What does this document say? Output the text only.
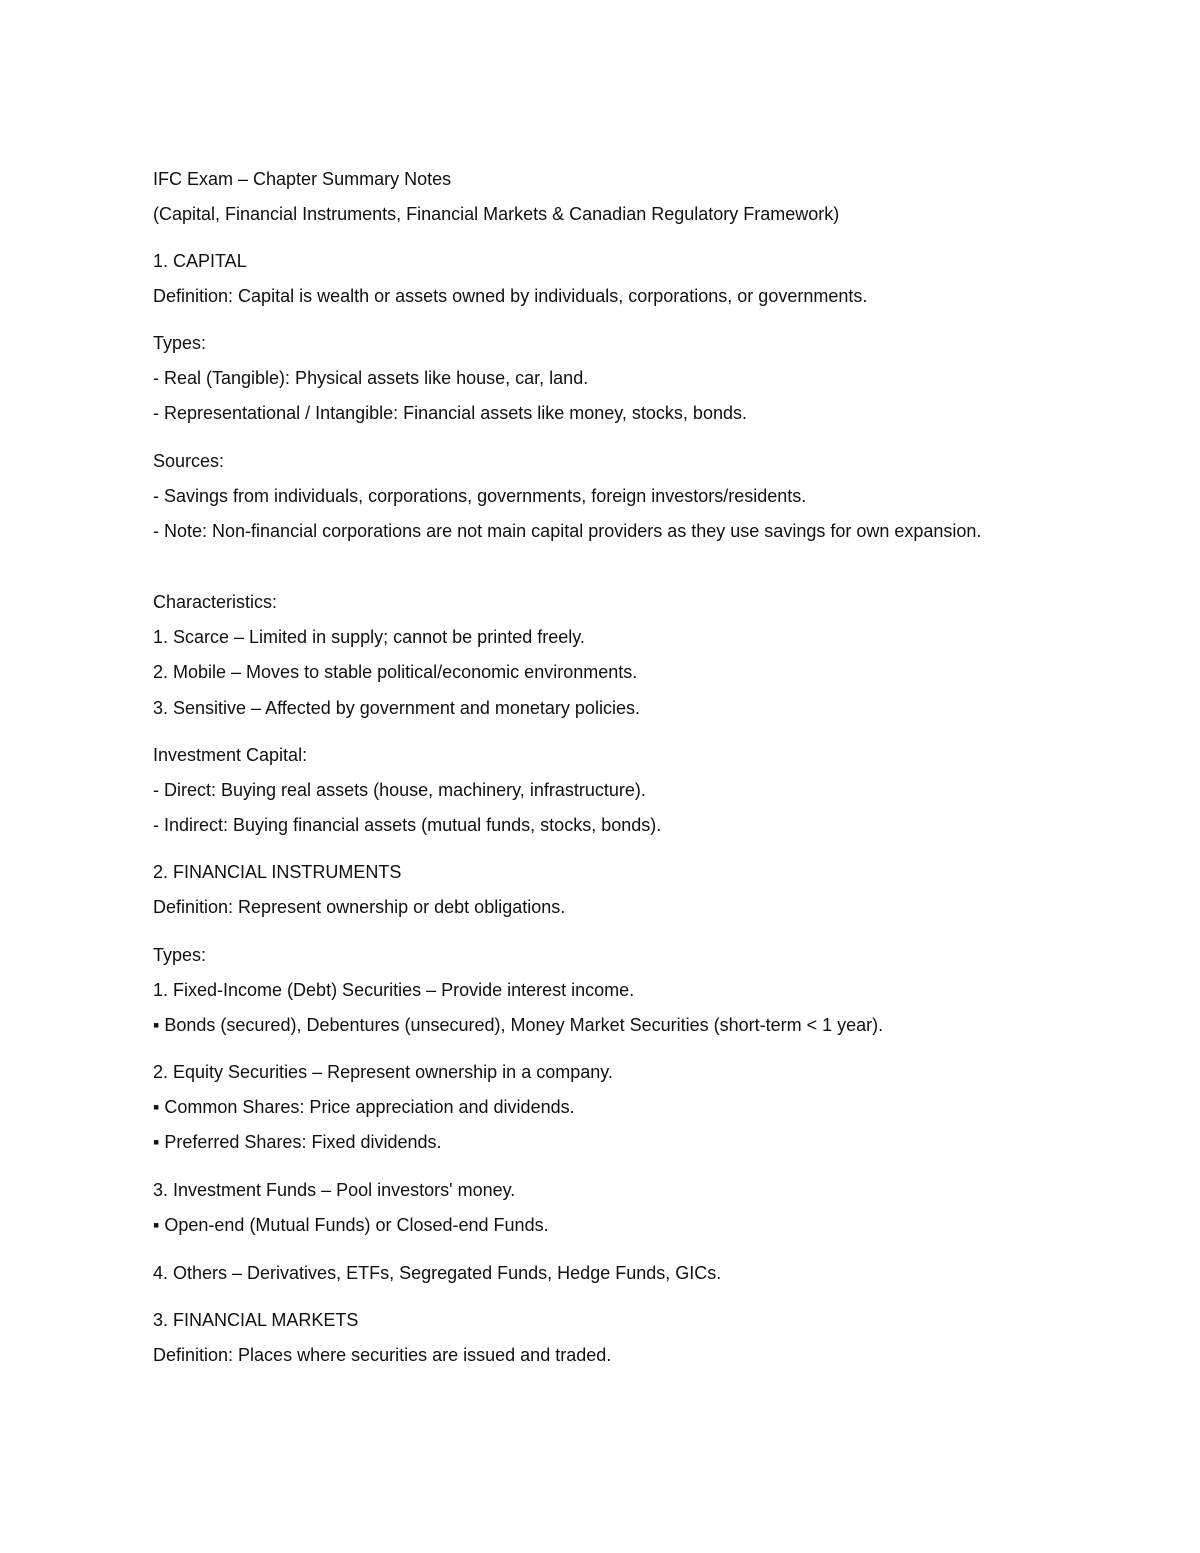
IFC Exam – Chapter Summary Notes

(Capital, Financial Instruments, Financial Markets & Canadian Regulatory Framework)

1. CAPITAL

Definition: Capital is wealth or assets owned by individuals, corporations, or governments.

Types:

- Real (Tangible): Physical assets like house, car, land.

- Representational / Intangible: Financial assets like money, stocks, bonds.

Sources:

- Savings from individuals, corporations, governments, foreign investors/residents.

- Note: Non-financial corporations are not main capital providers as they use savings for own expansion.

Characteristics:

1. Scarce – Limited in supply; cannot be printed freely.

2. Mobile – Moves to stable political/economic environments.

3. Sensitive – Affected by government and monetary policies.

Investment Capital:

- Direct: Buying real assets (house, machinery, infrastructure).

- Indirect: Buying financial assets (mutual funds, stocks, bonds).

2. FINANCIAL INSTRUMENTS

Definition: Represent ownership or debt obligations.

Types:

1. Fixed-Income (Debt) Securities – Provide interest income.

▪ Bonds (secured), Debentures (unsecured), Money Market Securities (short-term < 1 year).

2. Equity Securities – Represent ownership in a company.

▪ Common Shares: Price appreciation and dividends.

▪ Preferred Shares: Fixed dividends.

3. Investment Funds – Pool investors' money.

▪ Open-end (Mutual Funds) or Closed-end Funds.

4. Others – Derivatives, ETFs, Segregated Funds, Hedge Funds, GICs.

3. FINANCIAL MARKETS

Definition: Places where securities are issued and traded.
